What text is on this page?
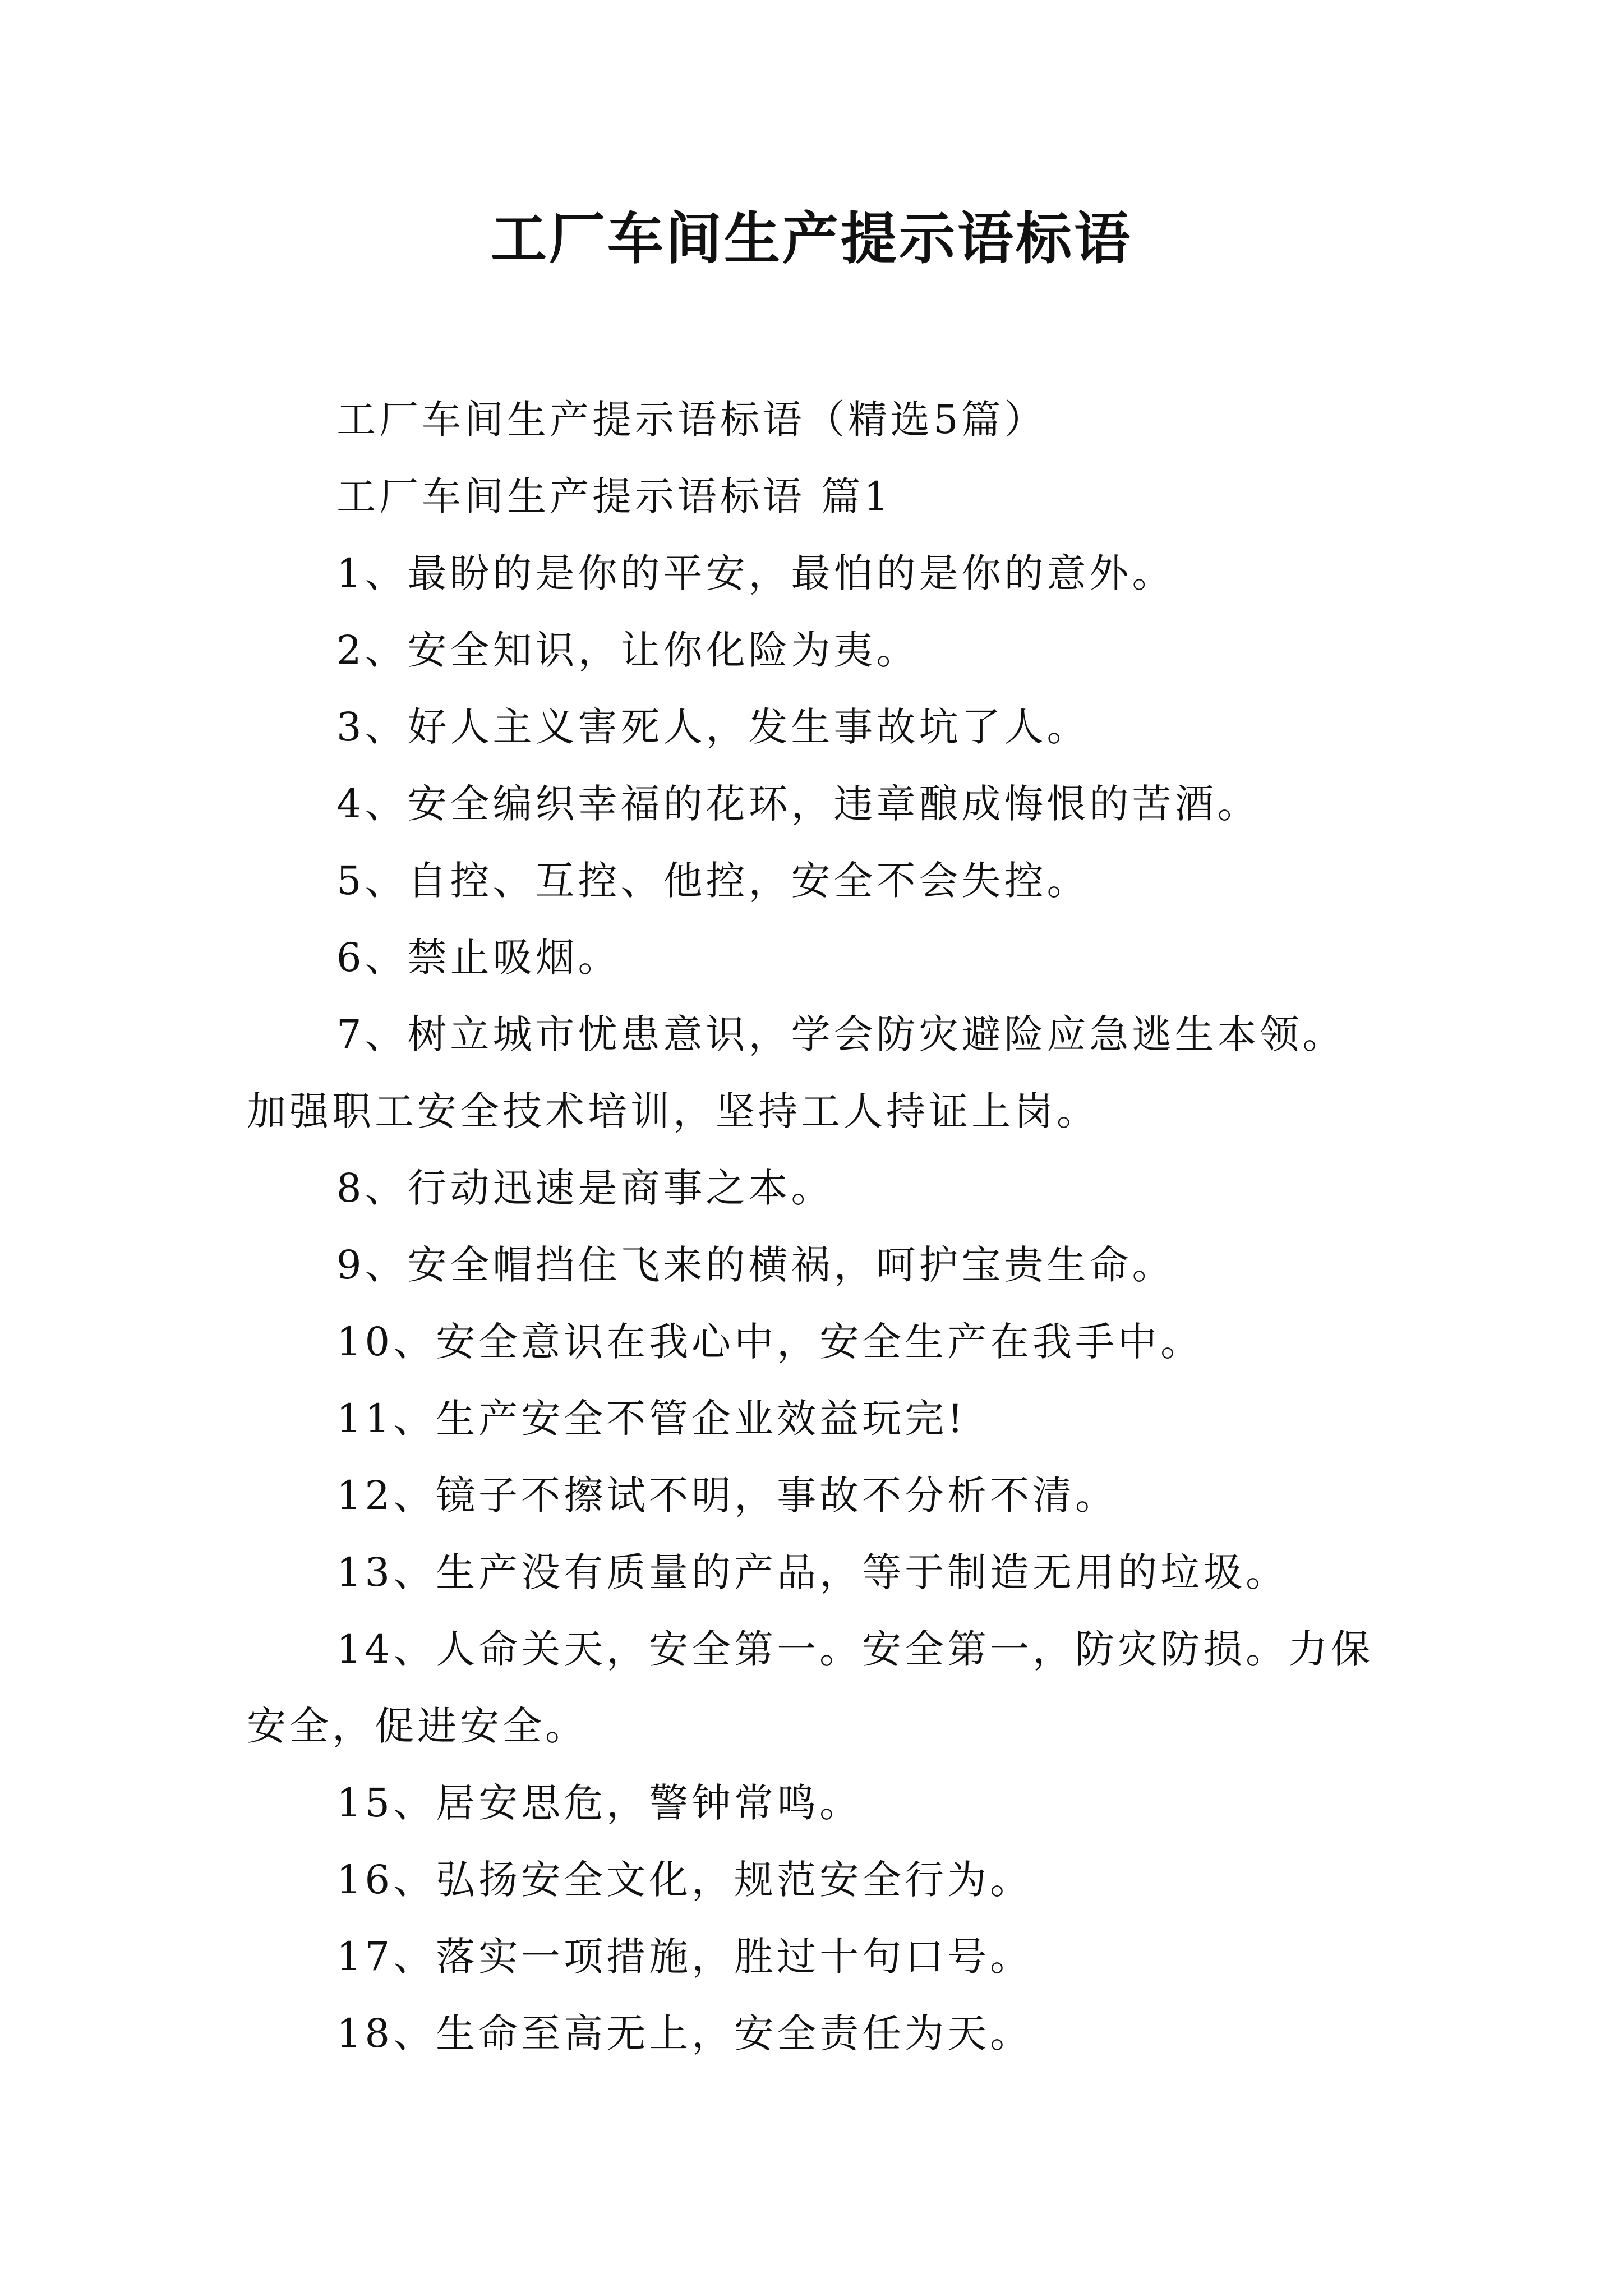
工厂车间生产提示语标语

工厂车间生产提示语标语（精选5篇）

工厂车间生产提示语标语 篇1

1、最盼的是你的平安，最怕的是你的意外。

2、安全知识，让你化险为夷。

3、好人主义害死人，发生事故坑了人。

4、安全编织幸福的花环，违章酿成悔恨的苦酒。

5、自控、互控、他控，安全不会失控。

6、禁止吸烟。

7、树立城市忧患意识，学会防灾避险应急逃生本领。加强职工安全技术培训，坚持工人持证上岗。

8、行动迅速是商事之本。

9、安全帽挡住飞来的横祸，呵护宝贵生命。

10、安全意识在我心中，安全生产在我手中。

11、生产安全不管企业效益玩完!

12、镜子不擦试不明，事故不分析不清。

13、生产没有质量的产品，等于制造无用的垃圾。

14、人命关天，安全第一。安全第一，防灾防损。力保安全，促进安全。

15、居安思危，警钟常鸣。

16、弘扬安全文化，规范安全行为。

17、落实一项措施，胜过十句口号。

18、生命至高无上，安全责任为天。
